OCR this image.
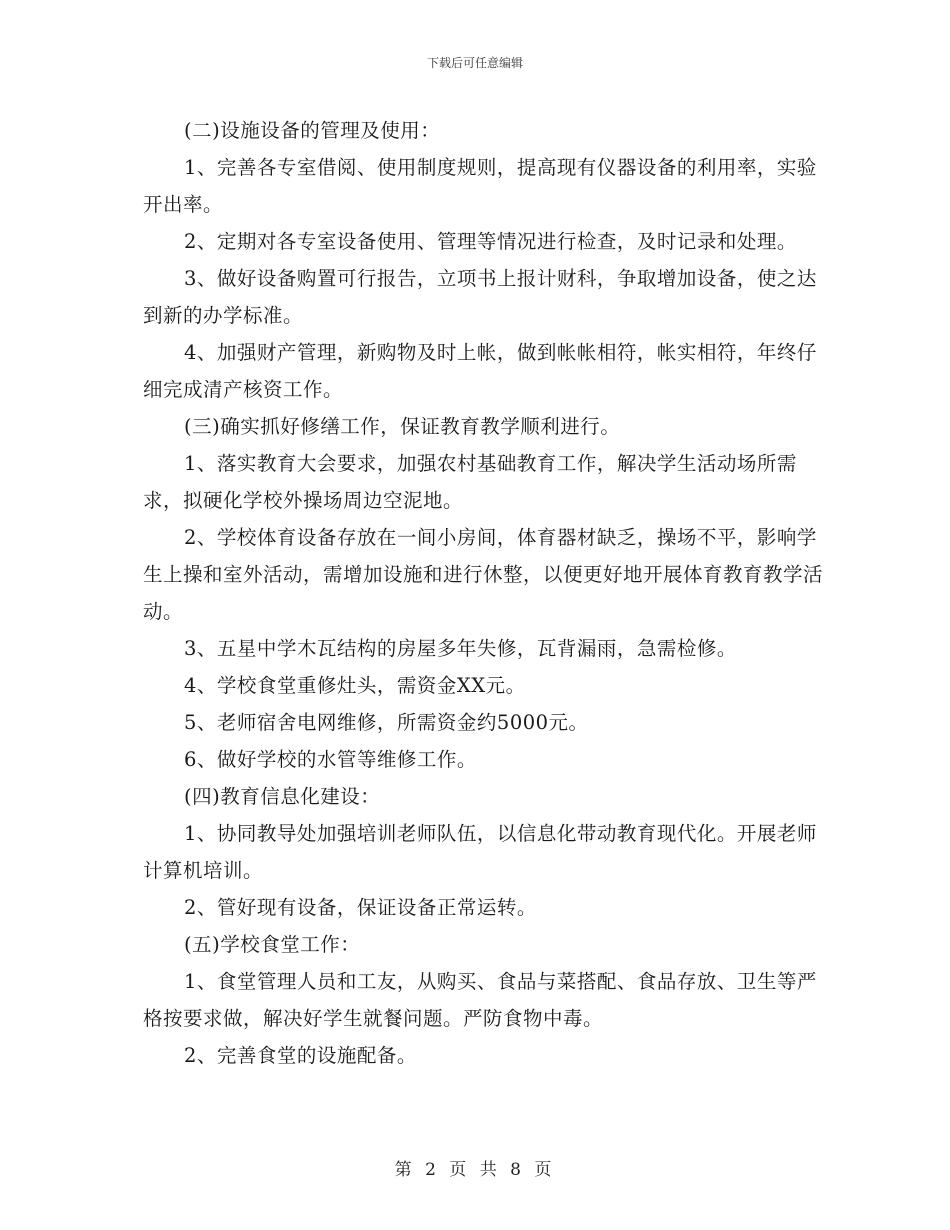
下载后可任意编辑

(二)设施设备的管理及使用：

1、完善各专室借阅、使用制度规则，提高现有仪器设备的利用率，实验开出率。

2、定期对各专室设备使用、管理等情况进行检查，及时记录和处理。

3、做好设备购置可行报告，立项书上报计财科，争取增加设备，使之达到新的办学标准。

4、加强财产管理，新购物及时上帐，做到帐帐相符，帐实相符，年终仔细完成清产核资工作。

(三)确实抓好修缮工作，保证教育教学顺利进行。

1、落实教育大会要求，加强农村基础教育工作，解决学生活动场所需求，拟硬化学校外操场周边空泥地。

2、学校体育设备存放在一间小房间，体育器材缺乏，操场不平，影响学生上操和室外活动，需增加设施和进行休整，以便更好地开展体育教育教学活动。

3、五星中学木瓦结构的房屋多年失修，瓦背漏雨，急需检修。

4、学校食堂重修灶头，需资金XX元。

5、老师宿舍电网维修，所需资金约5000元。

6、做好学校的水管等维修工作。

(四)教育信息化建设：

1、协同教导处加强培训老师队伍，以信息化带动教育现代化。开展老师计算机培训。

2、管好现有设备，保证设备正常运转。

(五)学校食堂工作：

1、食堂管理人员和工友，从购买、食品与菜搭配、食品存放、卫生等严格按要求做，解决好学生就餐问题。严防食物中毒。

2、完善食堂的设施配备。

第 2 页 共 8 页
